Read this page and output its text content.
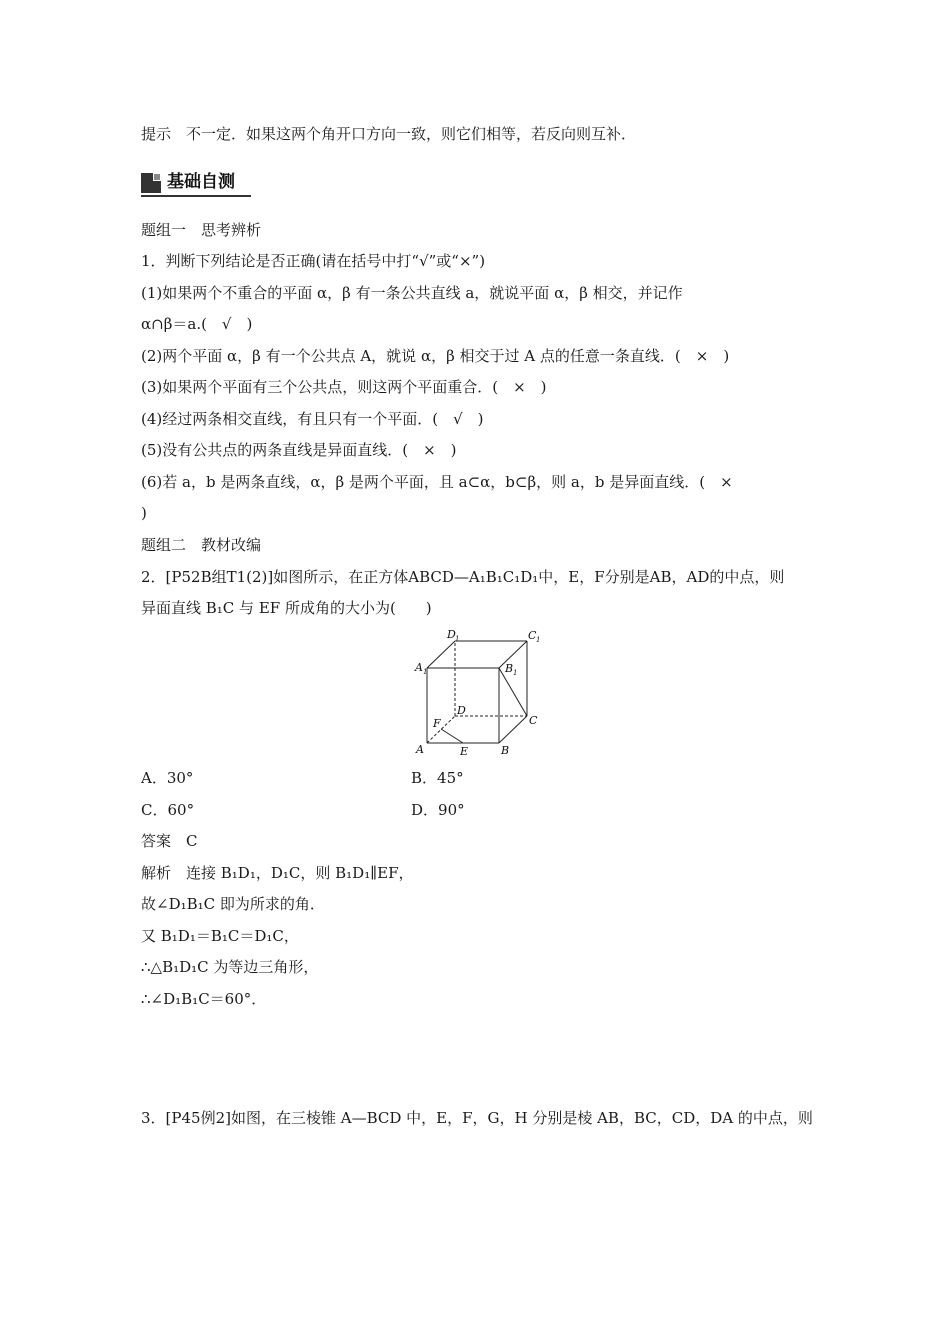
提示　不一定．如果这两个角开口方向一致，则它们相等，若反向则互补．
基础自测
题组一　思考辨析
1．判断下列结论是否正确(请在括号中打“√”或“×”)
(1)如果两个不重合的平面 α，β 有一条公共直线 a，就说平面 α，β 相交，并记作
α∩β＝a.(　√　)
(2)两个平面 α，β 有一个公共点 A，就说 α，β 相交于过 A 点的任意一条直线．(　×　)
(3)如果两个平面有三个公共点，则这两个平面重合．(　×　)
(4)经过两条相交直线，有且只有一个平面．(　√　)
(5)没有公共点的两条直线是异面直线．(　×　)
(6)若 a，b 是两条直线，α，β 是两个平面，且 a⊂α，b⊂β，则 a，b 是异面直线．(　×
)
题组二　教材改编
2．[P52B组T1(2)]如图所示，在正方体ABCD—A₁B₁C₁D₁中，E，F分别是AB，AD的中点，则
异面直线 B₁C 与 EF 所成角的大小为(　　)
A	B
C
D
E
F
A 1	B 1
C 1
D 1
A．30°	B．45°
C．60°	D．90°
答案　C
解析　连接 B₁D₁，D₁C，则 B₁D₁∥EF，
故∠D₁B₁C 即为所求的角．
又 B₁D₁＝B₁C＝D₁C，
∴△B₁D₁C 为等边三角形，
∴∠D₁B₁C＝60°．
3．[P45例2]如图，在三棱锥 A—BCD 中，E，F，G，H 分别是棱 AB，BC，CD，DA 的中点，则
